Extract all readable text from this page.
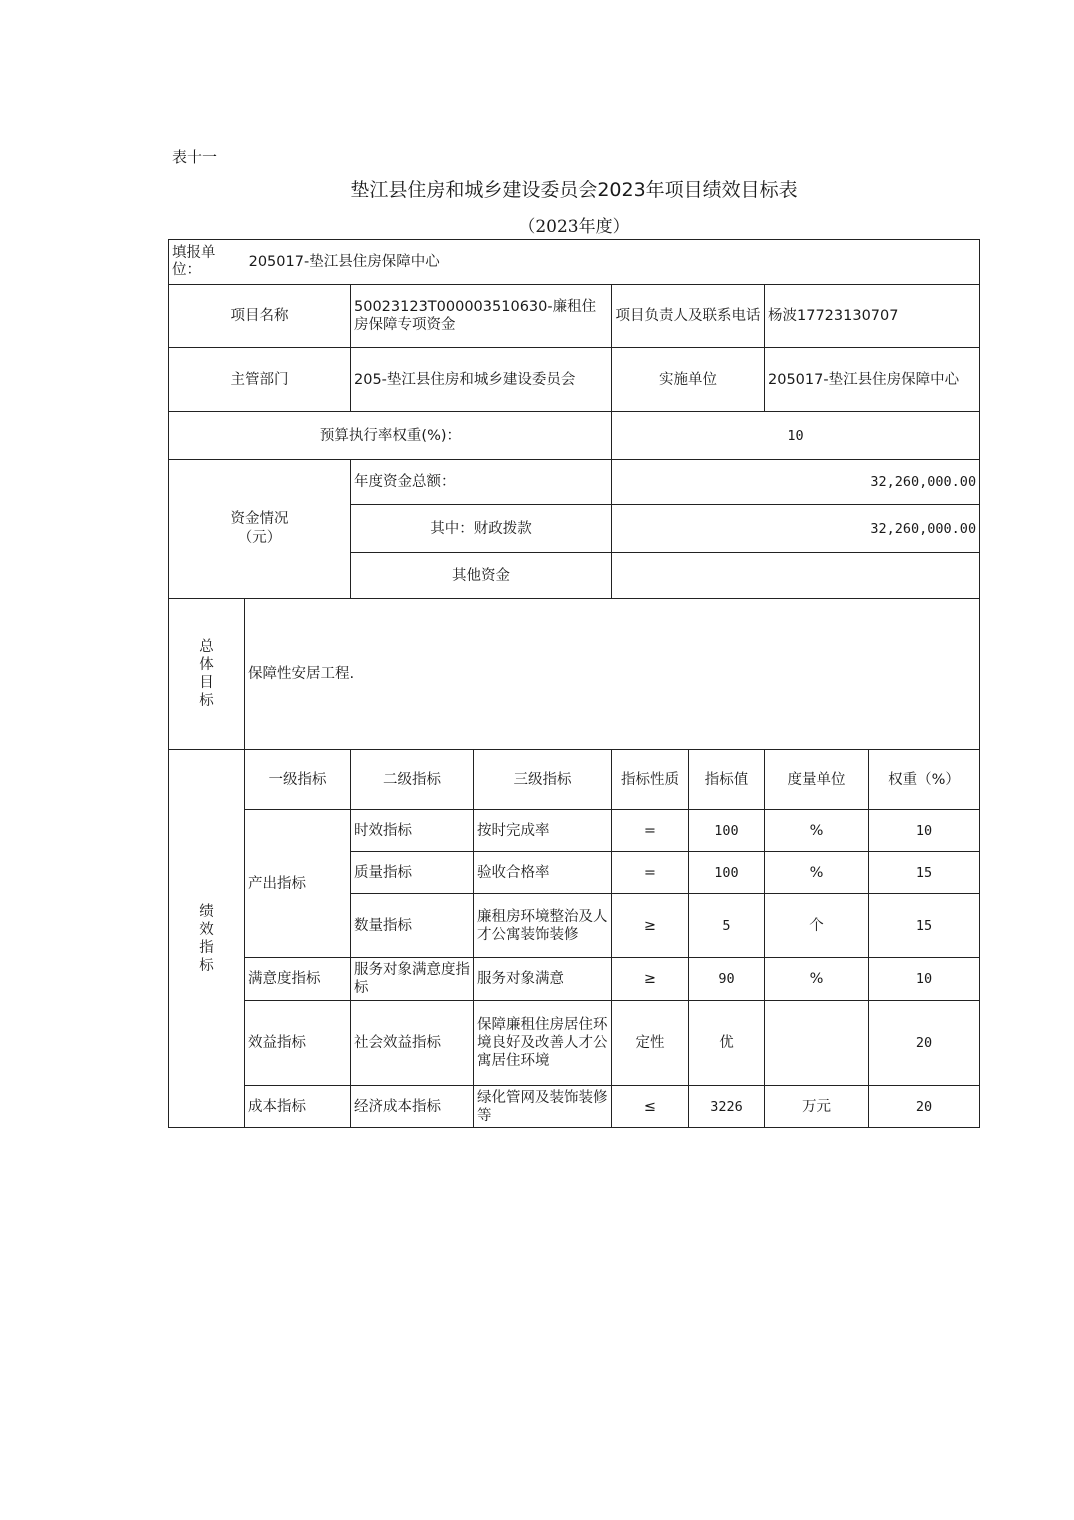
表十一
垫江县住房和城乡建设委员会2023年项目绩效目标表
（2023年度）
填报单位： 205017-垫江县住房保障中心							
项目名称		50023123T000003510630-廉租住房保障专项资金		项目负责人及联系电话		杨波17723130707	
主管部门		205-垫江县住房和城乡建设委员会		实施单位		205017-垫江县住房保障中心	
预算执行率权重(%)：				10			
资金情况（元）		年度资金总额：		32,260,000.00			
		其中：财政拨款		32,260,000.00			
		其他资金					

总
体
目
标	保障性安居工程.						

绩
效
指
标	一级指标	二级指标	三级指标	指标性质	指标值	度量单位	权重（%）
	产出指标	时效指标	按时完成率	=	100	%	10
		质量指标	验收合格率	=	100	%	15
		数量指标	廉租房环境整治及人才公寓装饰装修	≥	5	个	15
	满意度指标	服务对象满意度指标	服务对象满意	≥	90	%	10
	效益指标	社会效益指标	保障廉租住房居住环境良好及改善人才公寓居住环境	定性	优		20
	成本指标	经济成本指标	绿化管网及装饰装修等	≤	3226	万元	20
